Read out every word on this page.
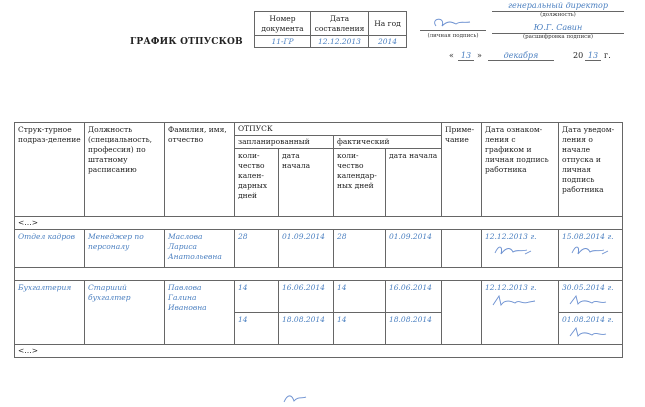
ГРАФИК ОТПУСКОВ
Номер документа	Дата составления	На год
11-ГР	12.12.2013	2014
(личная подпись)
генеральный директор
(должность)
Ю.Г. Савин
(расшифровка подписи)
« 13 »	декабря	20 13 г.
Струк-турное подраз-деление	Должность (специальность, профессия) по штатному расписанию	Фамилия, имя, отчество	ОТПУСК				Приме-чание	Дата ознаком-ления с графиком и личная подпись работника	Дата уведом-ления о начале отпуска и личная подпись работника
			запланированный		фактический				
			коли-чество кален-дарных дней	дата начала	коли-чество календар-ных дней	дата начала			
<…>									
Отдел кадров	Менеджер по персоналу	Маслова Лариса Анатольевна	28	01.09.2014	28	01.09.2014		12.12.2013 г.	15.08.2014 г.

Бухгалтерия	Старший бухгалтер	Павлова Галина Ивановна	14	16.06.2014	14	16.06.2014		12.12.2013 г.	30.05.2014 г.
			14	18.08.2014	14	18.08.2014			01.08.2014 г.
<…>									
